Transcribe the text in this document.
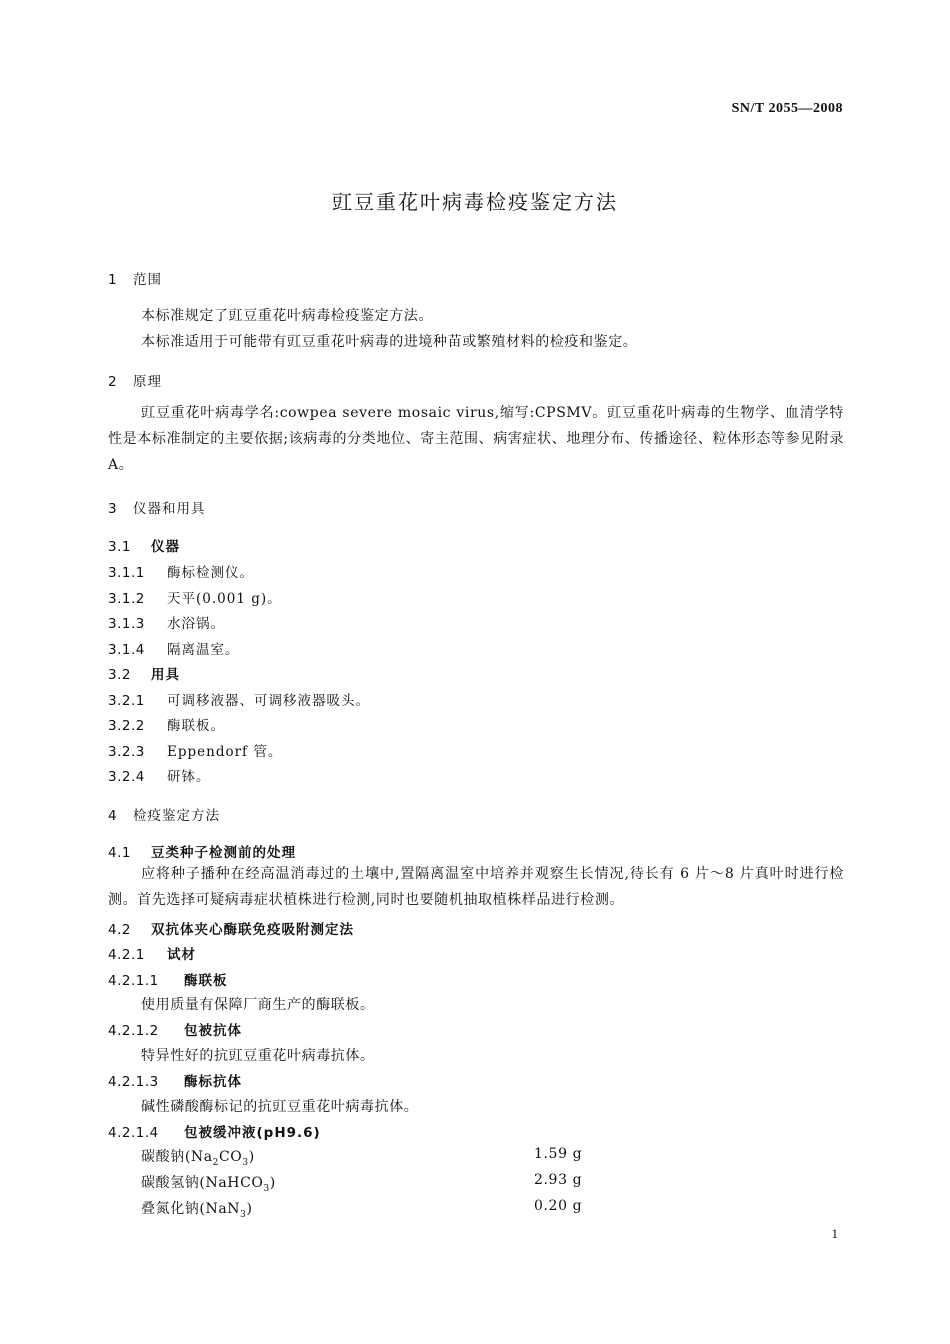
SN/T 2055—2008
豇豆重花叶病毒检疫鉴定方法
1 范围
本标准规定了豇豆重花叶病毒检疫鉴定方法。
本标准适用于可能带有豇豆重花叶病毒的进境种苗或繁殖材料的检疫和鉴定。
2 原理
豇豆重花叶病毒学名:cowpea severe mosaic virus,缩写:CPSMV。豇豆重花叶病毒的生物学、血清学特性是本标准制定的主要依据;该病毒的分类地位、寄主范围、病害症状、地理分布、传播途径、粒体形态等参见附录 A。
3 仪器和用具
3.1 仪器
3.1.1 酶标检测仪。
3.1.2 天平(0.001 g)。
3.1.3 水浴锅。
3.1.4 隔离温室。
3.2 用具
3.2.1 可调移液器、可调移液器吸头。
3.2.2 酶联板。
3.2.3 Eppendorf 管。
3.2.4 研钵。
4 检疫鉴定方法
4.1 豆类种子检测前的处理
应将种子播种在经高温消毒过的土壤中,置隔离温室中培养并观察生长情况,待长有 6 片～8 片真叶时进行检测。首先选择可疑病毒症状植株进行检测,同时也要随机抽取植株样品进行检测。
4.2 双抗体夹心酶联免疫吸附测定法
4.2.1 试材
4.2.1.1 酶联板
使用质量有保障厂商生产的酶联板。
4.2.1.2 包被抗体
特异性好的抗豇豆重花叶病毒抗体。
4.2.1.3 酶标抗体
碱性磷酸酶标记的抗豇豆重花叶病毒抗体。
4.2.1.4 包被缓冲液(pH9.6)
碳酸钠$(Na_2CO_3)$	1.59 g
碳酸氢钠(NaHCO$_3$)	2.93 g
叠氮化钠(NaN$_3$)	0.20 g
1
